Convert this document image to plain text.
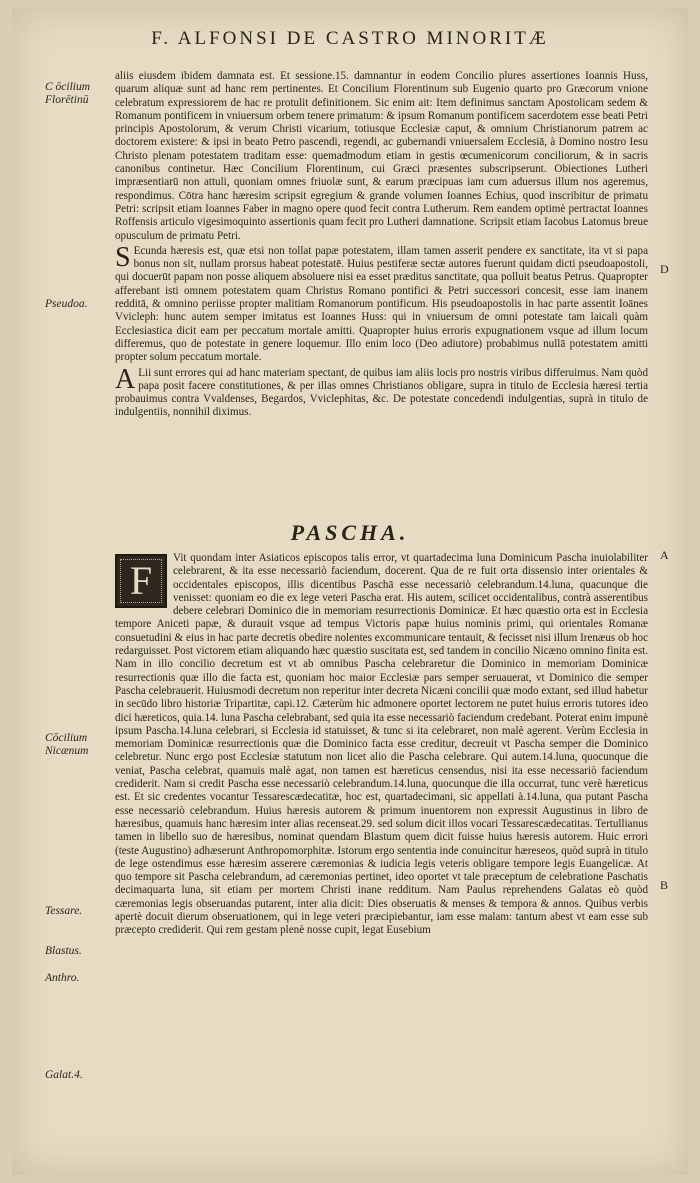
F. ALFONSI DE CASTRO MINORITÆ
C ōcilium
Florētinū
Pseudoa.
Cōcilium
Nicænum
Tessare.
Blastus.
Anthro.
Galat.4.
D
A
B

aliis eiusdem ibidem damnata est. Et sessione.15. damnantur in eodem Concilio plures assertiones Ioannis Huss, quarum aliquæ sunt ad hanc rem pertinentes. Et Concilium Florentinum sub Eugenio quarto pro Græcorum vnione celebratum expressiorem de hac re protulit definitionem. Sic enim ait: Item definimus sanctam Apostolicam sedem & Romanum pontificem in vniuersum orbem tenere primatum: & ipsum Romanum pontificem sacerdotem esse beati Petri principis Apostolorum, & verum Christi vicarium, totiusque Ecclesiæ caput, & omnium Christianorum patrem ac doctorem existere: & ipsi in beato Petro pascendi, regendi, ac gubernandi vniuersalem Ecclesiā, à Domino nostro Iesu Christo plenam potestatem traditam esse: quemadmodum etiam in gestis œcumenicorum conciliorum, & in sacris canonibus continetur. Hæc Concilium Florentinum, cui Græci præsentes subscripserunt. Obiectiones Lutheri impræsentiarū non attuli, quoniam omnes friuolæ sunt, & earum præcipuas iam cum aduersus illum nos ageremus, respondimus. Cōtra hanc hæresim scripsit egregium & grande volumen Ioannes Echius, quod inscribitur de primatu Petri: scripsit etiam Ioannes Faber in magno opere quod fecit contra Lutherum. Rem eandem optimè pertractat Ioannes Roffensis articulo vigesimoquinto assertionis quam fecit pro Lutheri damnatione. Scripsit etiam Iacobus Latomus breue opusculum de primatu Petri.

S Ecunda hæresis est, quæ etsi non tollat papæ potestatem, illam tamen asserit pendere ex sanctitate, ita vt si papa bonus non sit, nullam prorsus habeat potestatē. Huius pestiferæ sectæ autores fuerunt quidam dicti pseudoapostoli, qui docuerūt papam non posse aliquem absoluere nisi ea esset præditus sanctitate, qua polluit beatus Petrus. Quapropter afferebant isti omnem potestatem quam Christus Romano pontifici & Petri successori concesit, esse iam inanem redditā, & omnino periisse propter malitiam Romanorum pontificum. His pseudoapostolis in hac parte assentit Ioānes Vvicleph: hunc autem semper imitatus est Ioannes Huss: qui in vniuersum de omni potestate tam laicali quàm Ecclesiastica dicit eam per peccatum mortale amitti. Quapropter huius erroris expugnationem vsque ad illum locum differemus, quo de potestate in genere loquemur. Illo enim loco (Deo adiutore) probabimus nullā potestatem amitti propter solum peccatum mortale.

A Lii sunt errores qui ad hanc materiam spectant, de quibus iam aliis locis pro nostris viribus differuimus. Nam quòd papa posit facere constitutiones, & per illas omnes Christianos obligare, supra in titulo de Ecclesia hæresi tertia probauimus contra Vvaldenses, Begardos, Vviclephitas, &c. De potestate concedendi indulgentias, suprà in titulo de indulgentiis, nonnihil diximus.

PASCHA.

F	Vit quondam inter Asiaticos episcopos talis error, vt quartadecima luna Dominicum Pascha inuiolabiliter celebrarent, & ita esse necessariò faciendum, docerent. Qua de re fuit orta dissensio inter orientales & occidentales episcopos, illis dicentibus Paschā esse necessariò celebrandum.14.luna, quacunque die venisset: quoniam eo die ex lege veteri Pascha erat. His autem, scilicet occidentalibus, contrà asserentibus debere celebrari Dominico die in memoriam resurrectionis Dominicæ. Et hæc quæstio orta est in Ecclesia tempore Aniceti papæ, & durauit vsque ad tempus Victoris papæ huius nominis primi, qui orientales Romanæ consuetudini & eius in hac parte decretis obedire nolentes excommunicare tentauit, & fecisset nisi illum Irenæus ob hoc redarguisset. Post victorem etiam aliquando hæc quæstio suscitata est, sed tandem in concilio Nicæno omnino finita est. Nam in illo concilio decretum est vt ab omnibus Pascha celebraretur die Dominico in memoriam Dominicæ resurrectionis quæ illo die facta est, quoniam hoc maior Ecclesiæ pars semper seruauerat, vt Dominico die semper Pascha celebrauerit. Huiusmodi decretum non reperitur inter decreta Nicæni concilii quæ modo extant, sed illud habetur in secūdo libro historiæ Tripartitæ, capi.12. Cæterùm hic admonere oportet lectorem ne putet huius erroris tutores ideo dici hæreticos, quia.14. luna Pascha celebrabant, sed quia ita esse necessariò faciendum credebant. Poterat enim impunè ipsum Pascha.14.luna celebrari, si Ecclesia id statuisset, & tunc si ita celebraret, non malè agerent. Verùm Ecclesia in memoriam Dominicæ resurrectionis quæ die Dominico facta esse creditur, decreuit vt Pascha semper die Dominico celebretur. Nunc ergo post Ecclesiæ statutum non licet alio die Pascha celebrare. Qui autem.14.luna, quocunque die veniat, Pascha celebrat, quamuis malè agat, non tamen est hæreticus censendus, nisi ita esse necessariò faciendum crediderit. Nam si credit Pascha esse necessariò celebrandum.14.luna, quocunque die illa occurrat, tunc verè hæreticus est. Et sic credentes vocantur Tessarescædecatitæ, hoc est, quartadecimani, sic appellati à.14.luna, qua putant Pascha esse necessariò celebrandum. Huius hæresis autorem & primum inuentorem non expressit Augustinus in libro de hæresibus, quamuis hanc hæresim inter alias recenseat.29. sed solum dicit illos vocari Tessarescædecatitas. Tertullianus tamen in libello suo de hæresibus, nominat quendam Blastum quem dicit fuisse huius hæresis autorem. Huic errori (teste Augustino) adhæserunt Anthropomorphitæ. Istorum ergo sententia inde conuincitur hæreseos, quòd suprà in titulo de lege ostendimus esse hæresim asserere cæremonias & iudicia legis veteris obligare tempore legis Euangelicæ. At quo tempore sit Pascha celebrandum, ad cæremonias pertinet, ideo oportet vt tale præceptum de celebratione Paschatis decimaquarta luna, sit etiam per mortem Christi inane redditum. Nam Paulus reprehendens Galatas eò quòd cæremonias legis obseruandas putarent, inter alia dicit: Dies obseruatis & menses & tempora & annos. Quibus verbis apertè docuit dierum obseruationem, qui in lege veteri præcipiebantur, iam esse malam: tantum abest vt eam esse sub præcepto crediderit. Qui rem gestam plenè nosse cupit, legat Eusebium
